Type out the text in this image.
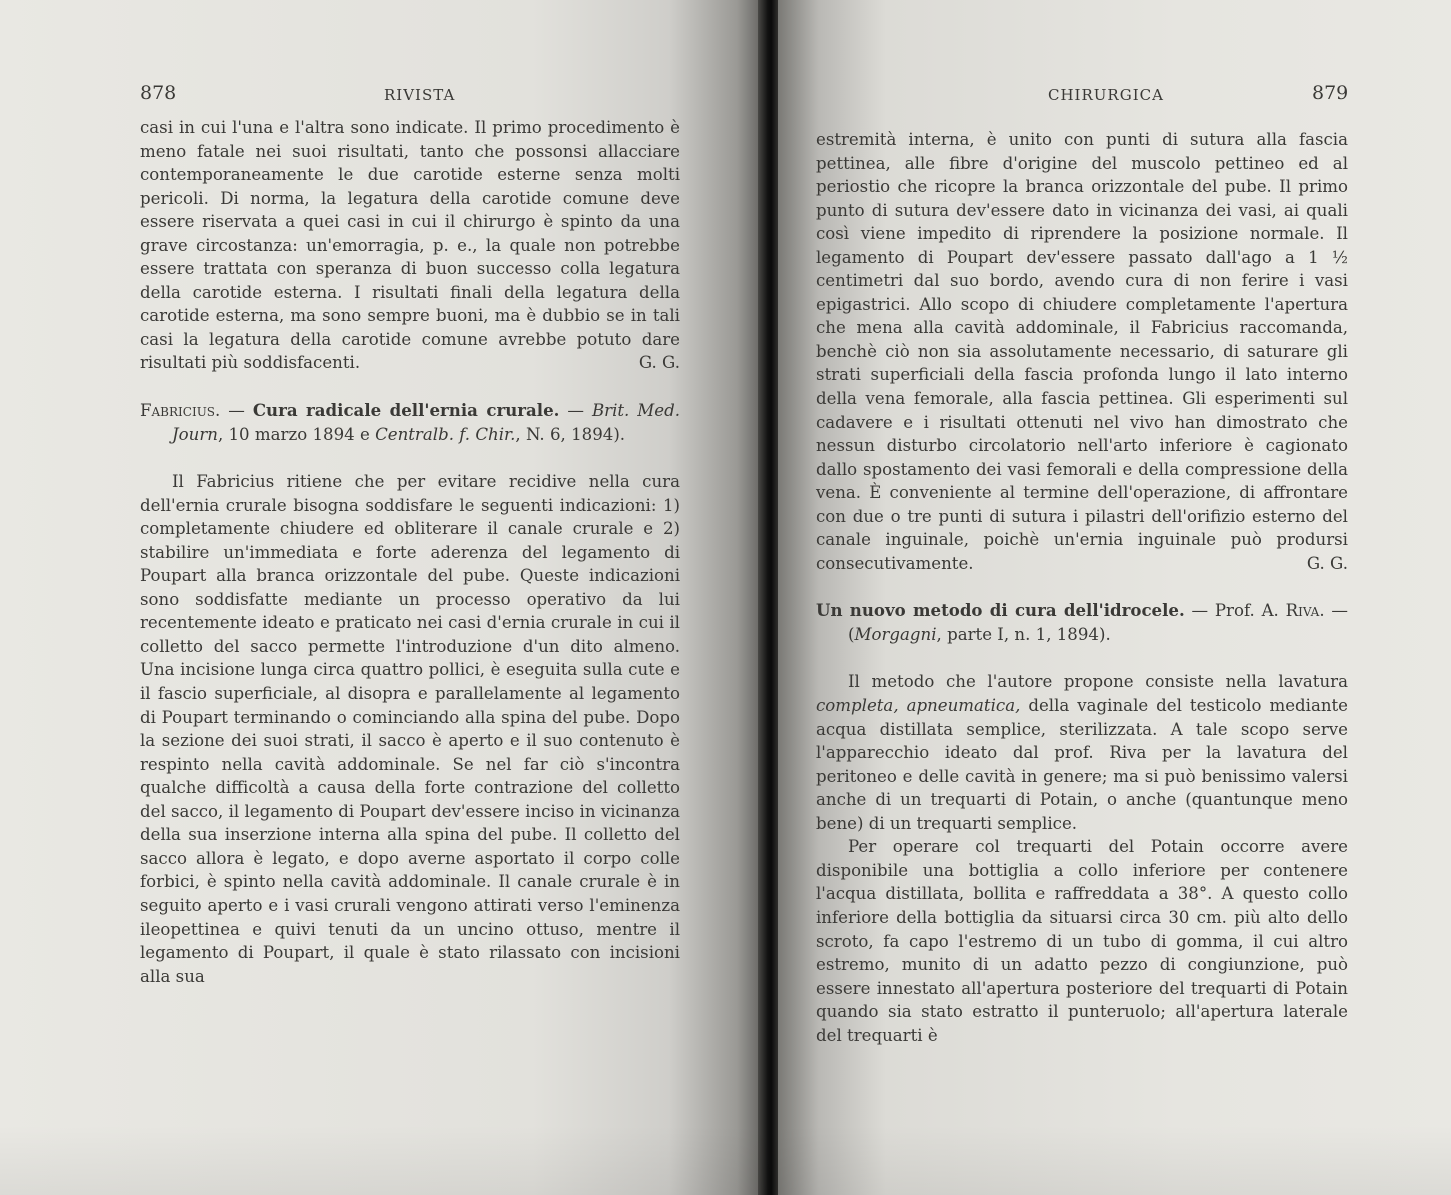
878	RIVISTA

casi in cui l'una e l'altra sono indicate. Il primo procedimento è meno fatale nei suoi risultati, tanto che possonsi allacciare contemporaneamente le due carotide esterne senza molti pericoli. Di norma, la legatura della carotide comune deve essere riservata a quei casi in cui il chirurgo è spinto da una grave circostanza: un'emorragia, p. e., la quale non potrebbe essere trattata con speranza di buon successo colla legatura della carotide esterna. I risultati finali della legatura della carotide esterna, ma sono sempre buoni, ma è dubbio se in tali casi la legatura della carotide comune avrebbe potuto dare risultati più soddisfacenti.	G. G.

Fabricius. — Cura radicale dell'ernia crurale. — Brit. Med. Journ, 10 marzo 1894 e Centralb. f. Chir., N. 6, 1894).

Il Fabricius ritiene che per evitare recidive nella cura dell'ernia crurale bisogna soddisfare le seguenti indicazioni: 1) completamente chiudere ed obliterare il canale crurale e 2) stabilire un'immediata e forte aderenza del legamento di Poupart alla branca orizzontale del pube. Queste indicazioni sono soddisfatte mediante un processo operativo da lui recentemente ideato e praticato nei casi d'ernia crurale in cui il colletto del sacco permette l'introduzione d'un dito almeno. Una incisione lunga circa quattro pollici, è eseguita sulla cute e il fascio superficiale, al disopra e parallelamente al legamento di Poupart terminando o cominciando alla spina del pube. Dopo la sezione dei suoi strati, il sacco è aperto e il suo contenuto è respinto nella cavità addominale. Se nel far ciò s'incontra qualche difficoltà a causa della forte contrazione del colletto del sacco, il legamento di Poupart dev'essere inciso in vicinanza della sua inserzione interna alla spina del pube. Il colletto del sacco allora è legato, e dopo averne asportato il corpo colle forbici, è spinto nella cavità addominale. Il canale crurale è in seguito aperto e i vasi crurali vengono attirati verso l'eminenza ileopettinea e quivi tenuti da un uncino ottuso, mentre il legamento di Poupart, il quale è stato rilassato con incisioni alla sua

CHIRURGICA	879

estremità interna, è unito con punti di sutura alla fascia pettinea, alle fibre d'origine del muscolo pettineo ed al periostio che ricopre la branca orizzontale del pube. Il primo punto di sutura dev'essere dato in vicinanza dei vasi, ai quali così viene impedito di riprendere la posizione normale. Il legamento di Poupart dev'essere passato dall'ago a 1 ½ centimetri dal suo bordo, avendo cura di non ferire i vasi epigastrici. Allo scopo di chiudere completamente l'apertura che mena alla cavità addominale, il Fabricius raccomanda, benchè ciò non sia assolutamente necessario, di saturare gli strati superficiali della fascia profonda lungo il lato interno della vena femorale, alla fascia pettinea. Gli esperimenti sul cadavere e i risultati ottenuti nel vivo han dimostrato che nessun disturbo circolatorio nell'arto inferiore è cagionato dallo spostamento dei vasi femorali e della compressione della vena. È conveniente al termine dell'operazione, di affrontare con due o tre punti di sutura i pilastri dell'orifizio esterno del canale inguinale, poichè un'ernia inguinale può prodursi consecutivamente.	G. G.

Un nuovo metodo di cura dell'idrocele. — Prof. A. Riva. — (Morgagni, parte I, n. 1, 1894).

Il metodo che l'autore propone consiste nella lavatura completa, apneumatica, della vaginale del testicolo mediante acqua distillata semplice, sterilizzata. A tale scopo serve l'apparecchio ideato dal prof. Riva per la lavatura del peritoneo e delle cavità in genere; ma si può benissimo valersi anche di un trequarti di Potain, o anche (quantunque meno bene) di un trequarti semplice.

Per operare col trequarti del Potain occorre avere disponibile una bottiglia a collo inferiore per contenere l'acqua distillata, bollita e raffreddata a 38°. A questo collo inferiore della bottiglia da situarsi circa 30 cm. più alto dello scroto, fa capo l'estremo di un tubo di gomma, il cui altro estremo, munito di un adatto pezzo di congiunzione, può essere innestato all'apertura posteriore del trequarti di Potain quando sia stato estratto il punteruolo; all'apertura laterale del trequarti è
